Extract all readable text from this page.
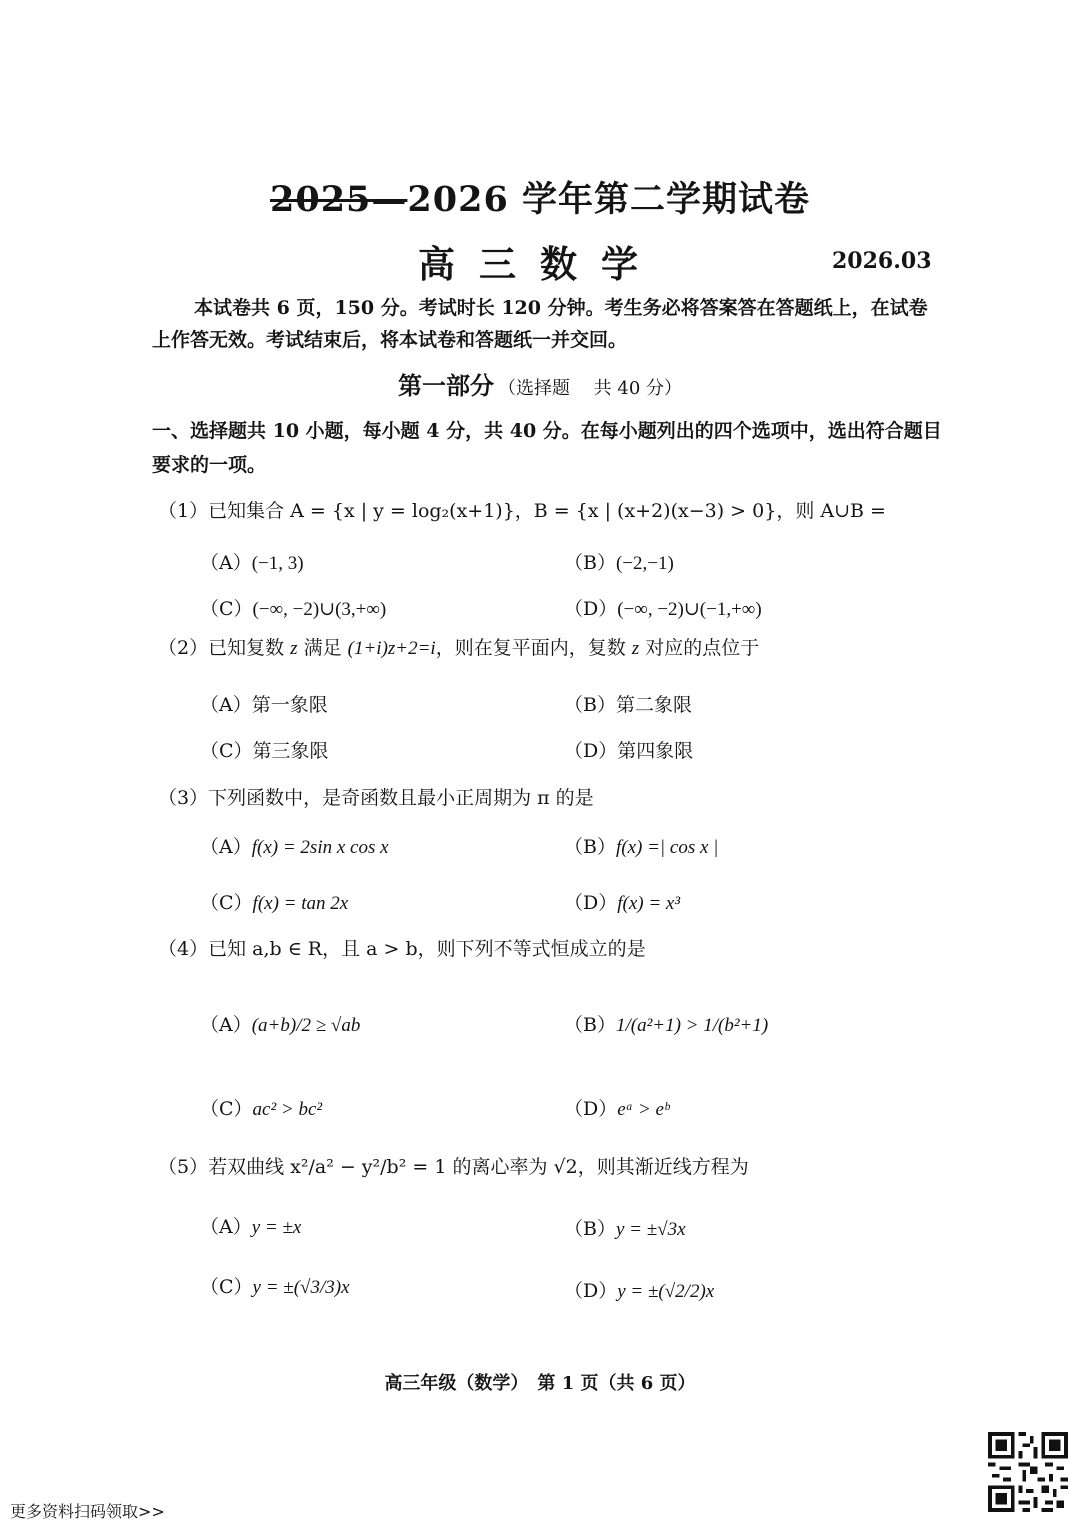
2025—2026 学年第二学期试卷
高三数学	2026.03
本试卷共 6 页，150 分。考试时长 120 分钟。考生务必将答案答在答题纸上，在试卷上作答无效。考试结束后，将本试卷和答题纸一并交回。
第一部分 （选择题　 共 40 分）
一、选择题共 10 小题，每小题 4 分，共 40 分。在每小题列出的四个选项中，选出符合题目要求的一项。
（1）已知集合 A = {x | y = log₂(x+1)}，B = {x | (x+2)(x−3) > 0}，则 A∪B =
（A）(−1, 3)	（B）(−2,−1)
（C）(−∞, −2)∪(3,+∞)	（D）(−∞, −2)∪(−1,+∞)
（2）已知复数 z 满足 (1+i)z+2=i，则在复平面内，复数 z 对应的点位于
（A）第一象限	（B）第二象限
（C）第三象限	（D）第四象限
（3）下列函数中，是奇函数且最小正周期为 π 的是
（A）f(x) = 2sin x cos x	（B）f(x) =| cos x |
（C）f(x) = tan 2x	（D）f(x) = x³
（4）已知 a,b ∈ R，且 a > b，则下列不等式恒成立的是
（A）(a+b)/2 ≥ √ab	（B）1/(a²+1) > 1/(b²+1)
（C）ac² > bc²	（D）eᵃ > eᵇ
（5）若双曲线 x²/a² − y²/b² = 1 的离心率为 √2，则其渐近线方程为
（A）y = ±x	（B）y = ±√3x
（C）y = ±(√3/3)x	（D）y = ±(√2/2)x
高三年级（数学）　第 1 页（共 6 页）
更多资料扫码领取>>
